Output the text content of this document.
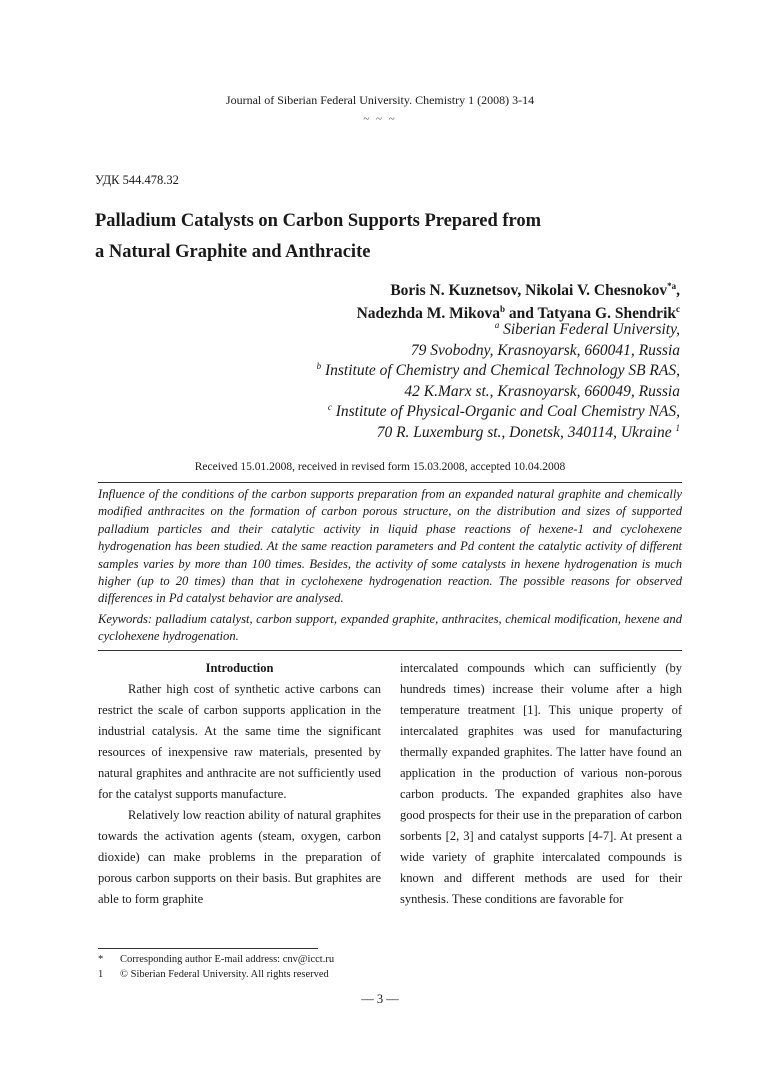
Journal of Siberian Federal University. Chemistry 1 (2008) 3-14
~ ~ ~
УДК 544.478.32
Palladium Catalysts on Carbon Supports Prepared from
a Natural Graphite and Anthracite
Boris N. Kuznetsov, Nikolai V. Chesnokov$^{*a}$,
Nadezhda M. Mikova$^b$ and Tatyana G. Shendrik$^c$
$^a$ Siberian Federal University,
79 Svobodny, Krasnoyarsk, 660041, Russia
$^b$ Institute of Chemistry and Chemical Technology SB RAS,
42 K.Marx st., Krasnoyarsk, 660049, Russia
$^c$ Institute of Physical-Organic and Coal Chemistry NAS,
70 R. Luxemburg st., Donetsk, 340114, Ukraine $^1$
Received 15.01.2008, received in revised form 15.03.2008, accepted 10.04.2008
Influence of the conditions of the carbon supports preparation from an expanded natural graphite and chemically modified anthracites on the formation of carbon porous structure, on the distribution and sizes of supported palladium particles and their catalytic activity in liquid phase reactions of hexene-1 and cyclohexene hydrogenation has been studied. At the same reaction parameters and Pd content the catalytic activity of different samples varies by more than 100 times. Besides, the activity of some catalysts in hexene hydrogenation is much higher (up to 20 times) than that in cyclohexene hydrogenation reaction. The possible reasons for observed differences in Pd catalyst behavior are analysed.
Keywords: palladium catalyst, carbon support, expanded graphite, anthracites, chemical modification, hexene and cyclohexene hydrogenation.

Introduction

Rather high cost of synthetic active carbons can restrict the scale of carbon supports application in the industrial catalysis. At the same time the significant resources of inexpensive raw materials, presented by natural graphites and anthracite are not sufficiently used for the catalyst supports manufacture.

Relatively low reaction ability of natural graphites towards the activation agents (steam, oxygen, carbon dioxide) can make problems in the preparation of porous carbon supports on their basis. But graphites are able to form graphite

intercalated compounds which can sufficiently (by hundreds times) increase their volume after a high temperature treatment [1]. This unique property of intercalated graphites was used for manufacturing thermally expanded graphites. The latter have found an application in the production of various non-porous carbon products. The expanded graphites also have good prospects for their use in the preparation of carbon sorbents [2, 3] and catalyst supports [4-7]. At present a wide variety of graphite intercalated compounds is known and different methods are used for their synthesis. These conditions are favorable for

*	Corresponding author E-mail address: cnv@icct.ru
1	© Siberian Federal University. All rights reserved
— 3 —
